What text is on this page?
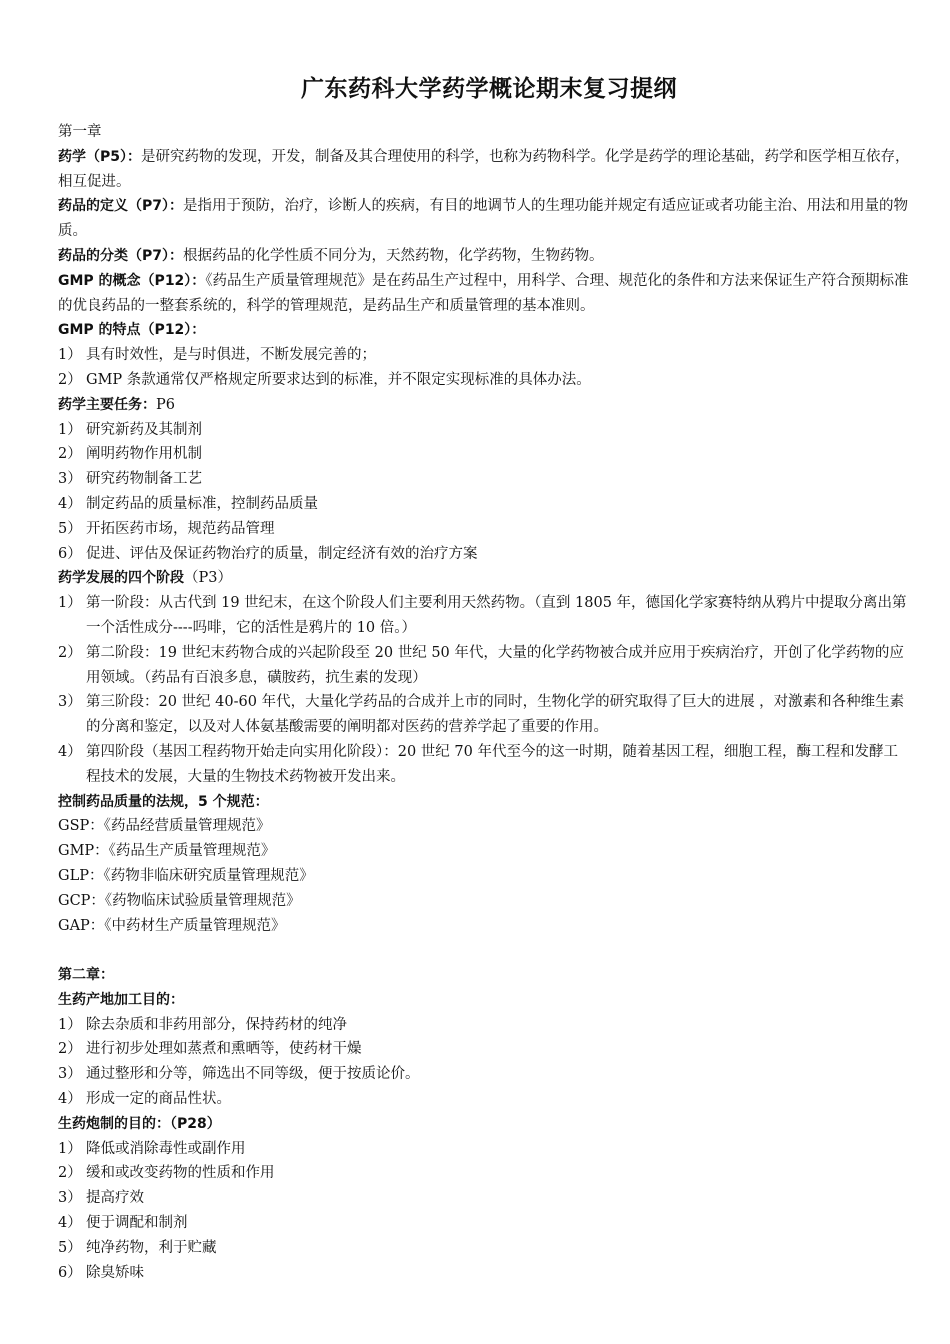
广东药科大学药学概论期末复习提纲
第一章
药学（P5）：是研究药物的发现，开发，制备及其合理使用的科学，也称为药物科学。化学是药学的理论基础，药学和医学相互依存，相互促进。
药品的定义（P7）：是指用于预防，治疗，诊断人的疾病，有目的地调节人的生理功能并规定有适应证或者功能主治、用法和用量的物质。
药品的分类（P7）：根据药品的化学性质不同分为，天然药物，化学药物，生物药物。
GMP 的概念（P12）：《药品生产质量管理规范》是在药品生产过程中，用科学、合理、规范化的条件和方法来保证生产符合预期标准的优良药品的一整套系统的，科学的管理规范，是药品生产和质量管理的基本准则。
GMP 的特点（P12）：
1） 具有时效性，是与时俱进，不断发展完善的；
2） GMP 条款通常仅严格规定所要求达到的标准，并不限定实现标准的具体办法。
药学主要任务：P6
1） 研究新药及其制剂
2） 阐明药物作用机制
3） 研究药物制备工艺
4） 制定药品的质量标准，控制药品质量
5） 开拓医药市场，规范药品管理
6） 促进、评估及保证药物治疗的质量，制定经济有效的治疗方案
药学发展的四个阶段（P3）
1） 第一阶段：从古代到 19 世纪末，在这个阶段人们主要利用天然药物。（直到 1805 年，德国化学家赛特纳从鸦片中提取分离出第一个活性成分----吗啡，它的活性是鸦片的 10 倍。）
2） 第二阶段：19 世纪末药物合成的兴起阶段至 20 世纪 50 年代，大量的化学药物被合成并应用于疾病治疗，开创了化学药物的应用领域。（药品有百浪多息，磺胺药，抗生素的发现）
3） 第三阶段：20 世纪 40-60 年代，大量化学药品的合成并上市的同时，生物化学的研究取得了巨大的进展 ，对激素和各种维生素的分离和鉴定，以及对人体氨基酸需要的阐明都对医药的营养学起了重要的作用。
4） 第四阶段（基因工程药物开始走向实用化阶段）：20 世纪 70 年代至今的这一时期，随着基因工程，细胞工程，酶工程和发酵工程技术的发展，大量的生物技术药物被开发出来。
控制药品质量的法规，5 个规范：
GSP：《药品经营质量管理规范》
GMP：《药品生产质量管理规范》
GLP：《药物非临床研究质量管理规范》
GCP：《药物临床试验质量管理规范》
GAP：《中药材生产质量管理规范》
第二章：
生药产地加工目的：
1） 除去杂质和非药用部分，保持药材的纯净
2） 进行初步处理如蒸煮和熏晒等，使药材干燥
3） 通过整形和分等，筛选出不同等级，便于按质论价。
4） 形成一定的商品性状。
生药炮制的目的：（P28）
1） 降低或消除毒性或副作用
2） 缓和或改变药物的性质和作用
3） 提高疗效
4） 便于调配和制剂
5） 纯净药物，利于贮藏
6） 除臭矫味
